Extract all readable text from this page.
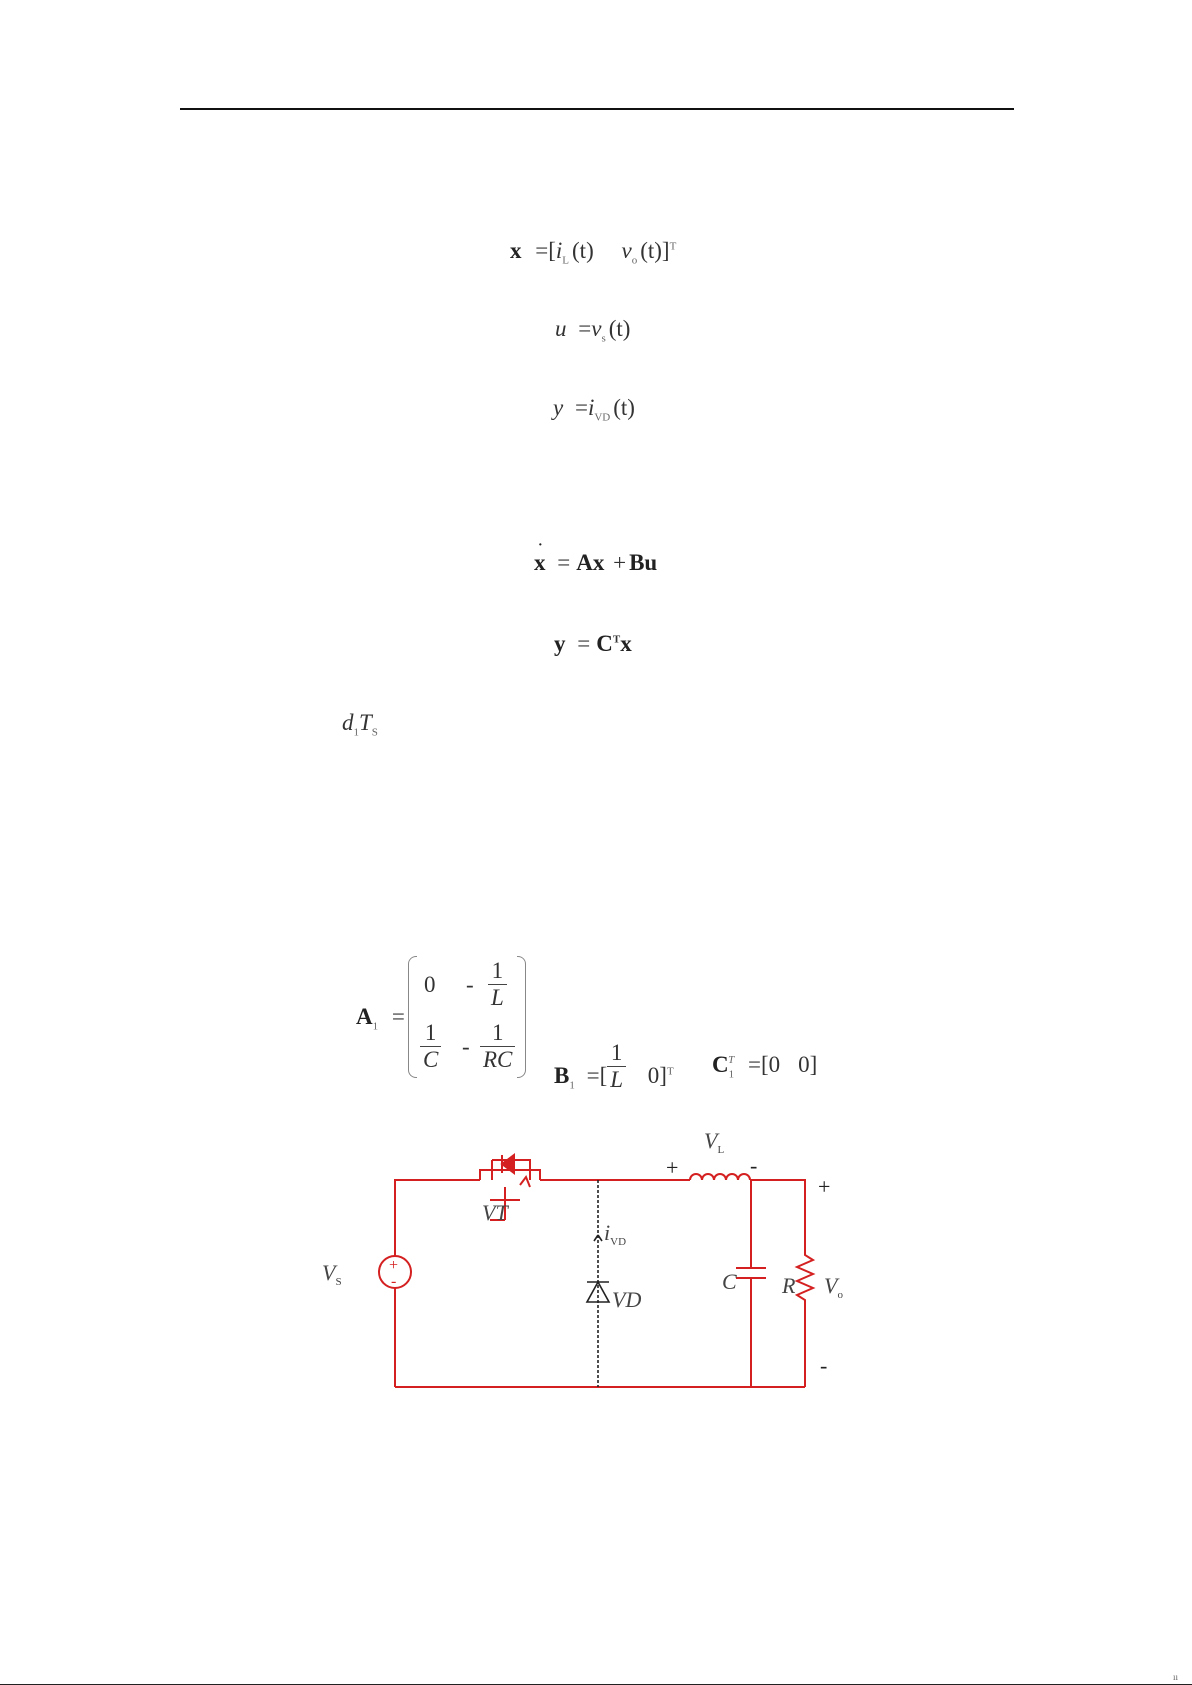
$x =[i_L$ (t) $v_o$ (t)]$^T$
$u =v_s$ (t)
$y =i_{VD}$ (t)
x
·
= Ax + Bu
$y = C^Tx$
$d_1T_S$
$A_1$ =
$0 - \frac{1}{L}$
$\frac{1}{C} - \frac{1}{RC}$
$B_1$ =[ $\frac{1}{L} 0]^T$ $C_1^T =[0$ 0]
+
-
$V_S$
VT
$i_{VD}$
VD
$V_L$
+	-
C R $V_o$
+
-
ıı
